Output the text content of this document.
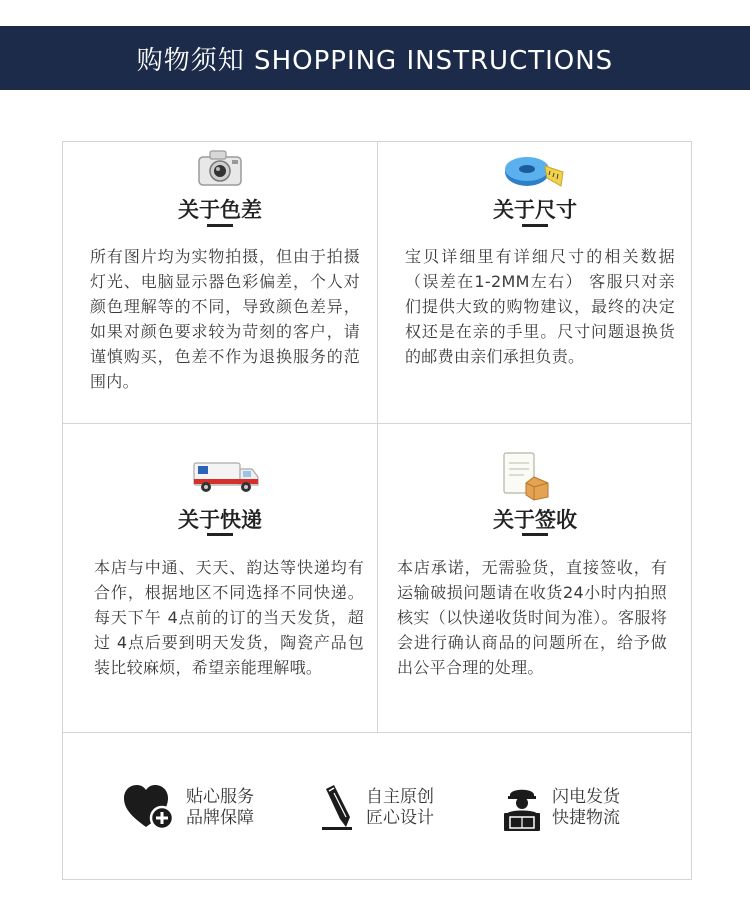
购物须知 SHOPPING INSTRUCTIONS
关于色差
所有图片均为实物拍摄，但由于拍摄灯光、电脑显示器色彩偏差，个人对颜色理解等的不同，导致颜色差异，如果对颜色要求较为苛刻的客户，请谨慎购买，色差不作为退换服务的范围内。
关于尺寸
宝贝详细里有详细尺寸的相关数据（误差在1-2MM左右） 客服只对亲们提供大致的购物建议，最终的决定权还是在亲的手里。尺寸问题退换货的邮费由亲们承担负责。
关于快递
本店与中通、天天、韵达等快递均有合作，根据地区不同选择不同快递。每天下午 4点前的订的当天发货，超过 4点后要到明天发货，陶瓷产品包装比较麻烦，希望亲能理解哦。
关于签收
本店承诺，无需验货，直接签收，有运输破损问题请在收货24小时内拍照核实（以快递收货时间为准）。客服将会进行确认商品的问题所在，给予做出公平合理的处理。
贴心服务
品牌保障
自主原创
匠心设计
闪电发货
快捷物流
